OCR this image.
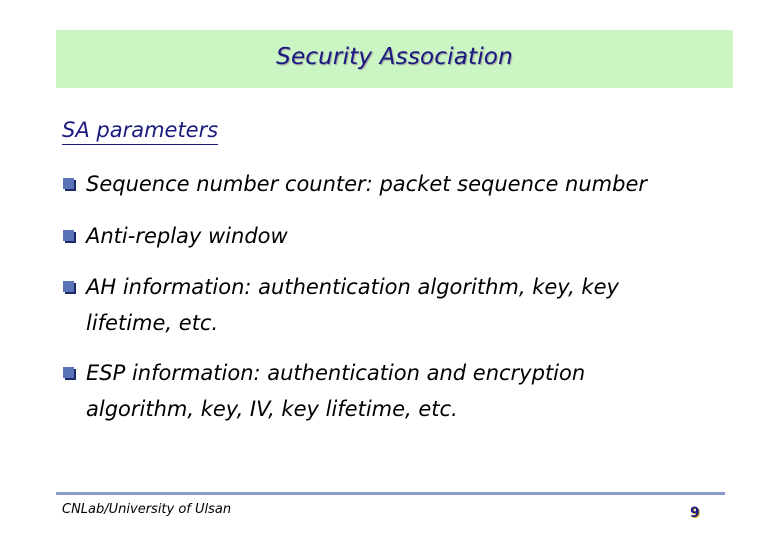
Security Association
SA parameters
Sequence number counter: packet sequence number
Anti-replay window
AH information: authentication algorithm, key, key
lifetime, etc.
ESP information: authentication and encryption
algorithm, key, IV, key lifetime, etc.
CNLab/University of Ulsan	9
